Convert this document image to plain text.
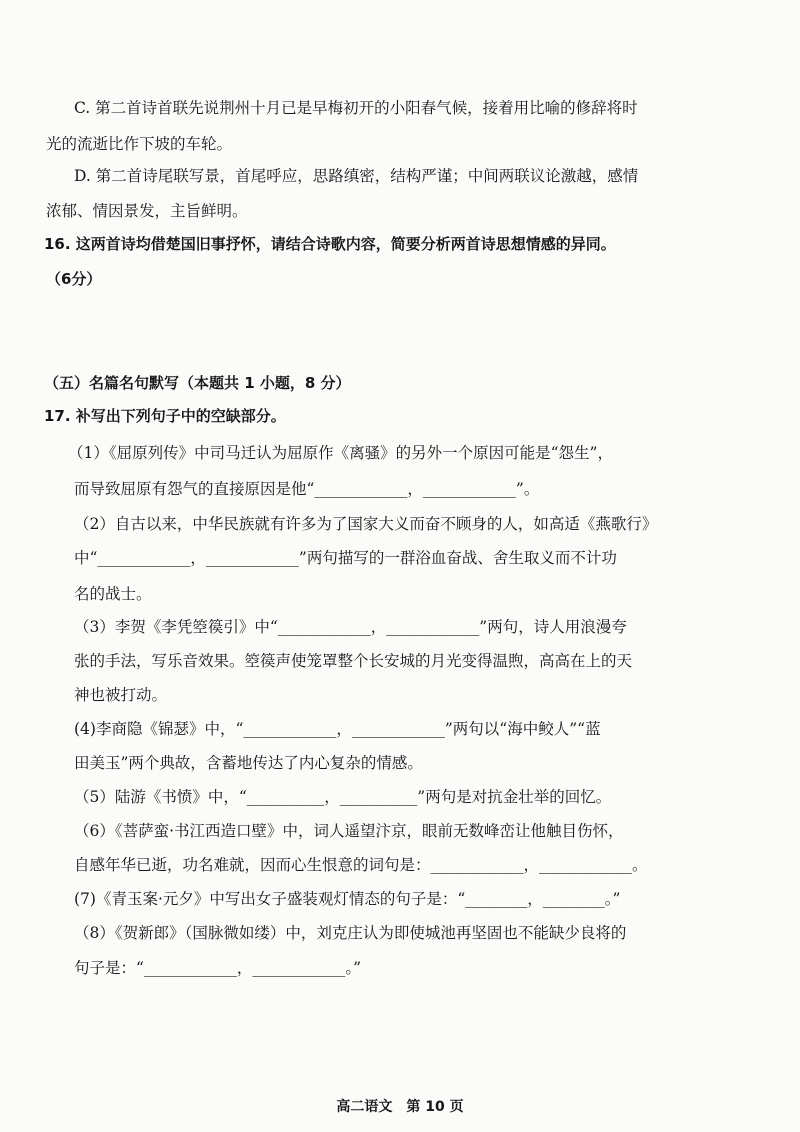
C. 第二首诗首联先说荆州十月已是早梅初开的小阳春气候，接着用比喻的修辞将时
光的流逝比作下坡的车轮。
D. 第二首诗尾联写景，首尾呼应，思路缜密，结构严谨；中间两联议论激越，感情
浓郁、情因景发，主旨鲜明。
16. 这两首诗均借楚国旧事抒怀，请结合诗歌内容，简要分析两首诗思想情感的异同。
（6分）
（五）名篇名句默写（本题共 1 小题，8 分）
17. 补写出下列句子中的空缺部分。
（1）《屈原列传》中司马迁认为屈原作《离骚》的另外一个原因可能是“怨生”，
而导致屈原有怨气的直接原因是他“____________，____________”。
（2）自古以来，中华民族就有许多为了国家大义而奋不顾身的人，如高适《燕歌行》
中“____________，____________”两句描写的一群浴血奋战、舍生取义而不计功
名的战士。
（3）李贺《李凭箜篌引》中“____________，____________”两句，诗人用浪漫夸
张的手法，写乐音效果。箜篌声使笼罩整个长安城的月光变得温煦，高高在上的天
神也被打动。
(4)李商隐《锦瑟》中，“____________，____________”两句以“海中鲛人”“蓝
田美玉”两个典故，含蓄地传达了内心复杂的情感。
（5）陆游《书愤》中，“__________，__________”两句是对抗金壮举的回忆。
（6）《菩萨蛮·书江西造口壁》中，词人遥望汴京，眼前无数峰峦让他触目伤怀，
自感年华已逝，功名难就，因而心生恨意的词句是：____________，____________。
(7)《青玉案·元夕》中写出女子盛装观灯情态的句子是：“________，________。”
（8）《贺新郎》（国脉微如缕）中，刘克庄认为即使城池再坚固也不能缺少良将的
句子是：“____________，____________。”
高二语文　第 10 页
